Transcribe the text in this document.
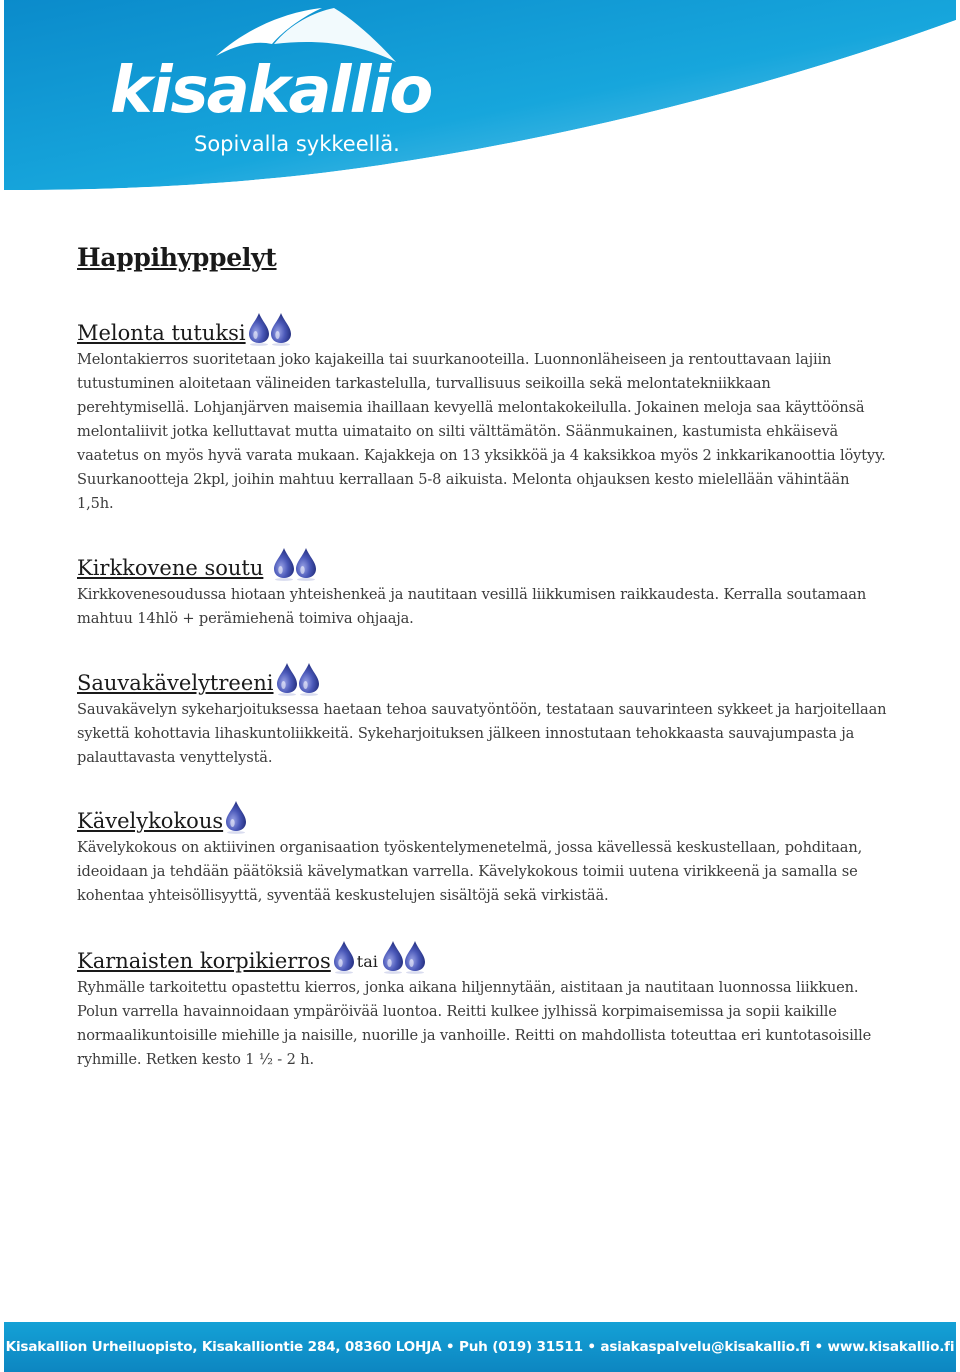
kisakallio
Sopivalla sykkeellä.
Happihyppelyt
Melonta tutuksi

Melontakierros suoritetaan joko kajakeilla tai suurkanooteilla. Luonnonläheiseen ja rentouttavaan lajiin tutustuminen aloitetaan välineiden tarkastelulla, turvallisuus seikoilla sekä melontatekniikkaan perehtymisellä. Lohjanjärven maisemia ihaillaan kevyellä melontakokeilulla. Jokainen meloja saa käyttöönsä melontaliivit jotka kelluttavat mutta uimataito on silti välttämätön. Säänmukainen, kastumista ehkäisevä vaatetus on myös hyvä varata mukaan. Kajakkeja on 13 yksikköä ja 4 kaksikkoa myös 2 inkkarikanoottia löytyy. Suurkanootteja 2kpl, joihin mahtuu kerrallaan 5-8 aikuista. Melonta ohjauksen kesto mielellään vähintään 1,5h.

Kirkkovene soutu

Kirkkovenesoudussa hiotaan yhteishenkeä ja nautitaan vesillä liikkumisen raikkaudesta. Kerralla soutamaan mahtuu 14hlö + perämiehenä toimiva ohjaaja.

Sauvakävelytreeni

Sauvakävelyn sykeharjoituksessa haetaan tehoa sauvatyöntöön, testataan sauvarinteen sykkeet ja harjoitellaan sykettä kohottavia lihaskuntoliikkeitä. Sykeharjoituksen jälkeen innostutaan tehokkaasta sauvajumpasta ja palauttavasta venyttelystä.

Kävelykokous

Kävelykokous on aktiivinen organisaation työskentelymenetelmä, jossa kävellessä keskustellaan, pohditaan, ideoidaan ja tehdään päätöksiä kävelymatkan varrella. Kävelykokous toimii uutena virikkeenä ja samalla se kohentaa yhteisöllisyyttä, syventää keskustelujen sisältöjä sekä virkistää.

Karnaisten korpikierros tai

Ryhmälle tarkoitettu opastettu kierros, jonka aikana hiljennytään, aistitaan ja nautitaan luonnossa liikkuen. Polun varrella havainnoidaan ympäröivää luontoa. Reitti kulkee jylhissä korpimaisemissa ja sopii kaikille normaalikuntoisille miehille ja naisille, nuorille ja vanhoille. Reitti on mahdollista toteuttaa eri kuntotasoisille ryhmille. Retken kesto 1 ½ - 2 h.

Kisakallion Urheiluopisto, Kisakalliontie 284, 08360 LOHJA • Puh (019) 31511 • asiakaspalvelu@kisakallio.fi • www.kisakallio.fi
